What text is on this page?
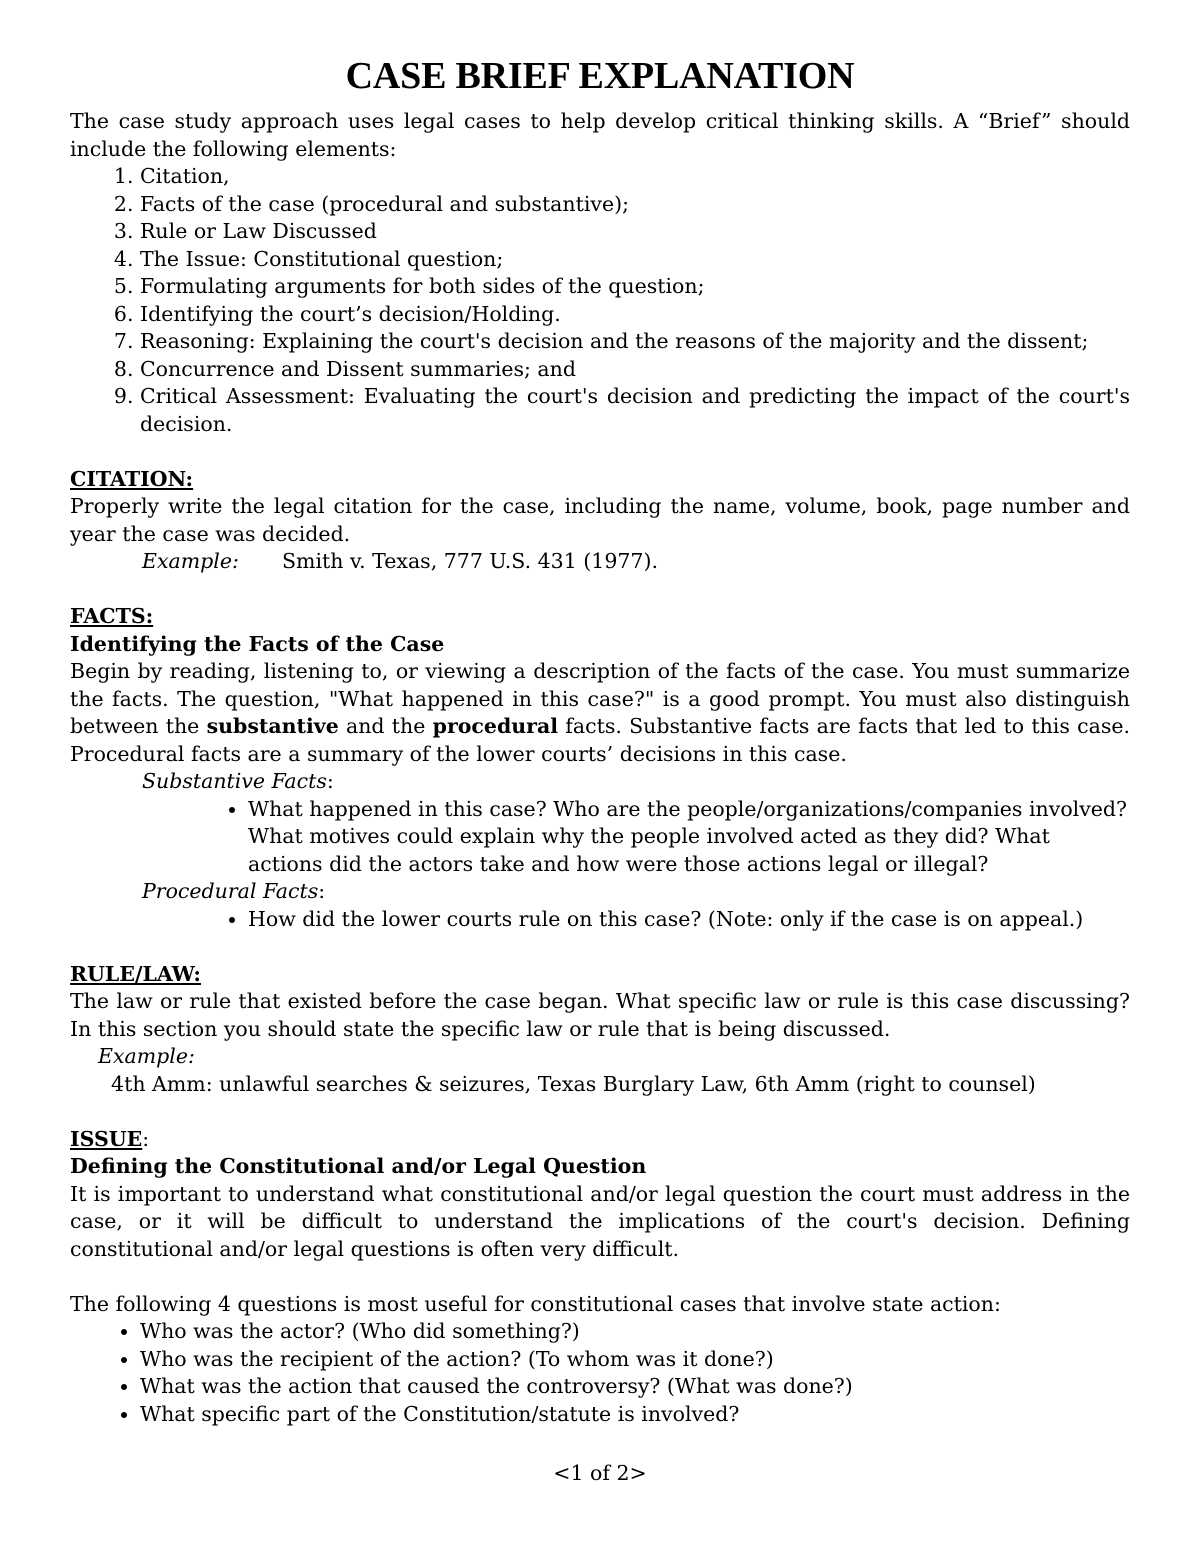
CASE BRIEF EXPLANATION

The case study approach uses legal cases to help develop critical thinking skills. A “Brief” should include the following elements:

1. Citation,
2. Facts of the case (procedural and substantive);
3. Rule or Law Discussed
4. The Issue: Constitutional question;
5. Formulating arguments for both sides of the question;
6. Identifying the court’s decision/Holding.
7. Reasoning: Explaining the court's decision and the reasons of the majority and the dissent;
8. Concurrence and Dissent summaries; and
9. Critical Assessment: Evaluating the court's decision and predicting the impact of the court's decision.

CITATION:

Properly write the legal citation for the case, including the name, volume, book, page number and year the case was decided.

Example:	Smith v. Texas, 777 U.S. 431 (1977).

FACTS:

Identifying the Facts of the Case

Begin by reading, listening to, or viewing a description of the facts of the case. You must summarize the facts. The question, "What happened in this case?" is a good prompt. You must also distinguish between the substantive and the procedural facts. Substantive facts are facts that led to this case. Procedural facts are a summary of the lower courts’ decisions in this case.

Substantive Facts:

• What happened in this case? Who are the people/organizations/companies involved? What motives could explain why the people involved acted as they did? What actions did the actors take and how were those actions legal or illegal?

Procedural Facts:

• How did the lower courts rule on this case? (Note: only if the case is on appeal.)

RULE/LAW:

The law or rule that existed before the case began. What specific law or rule is this case discussing? In this section you should state the specific law or rule that is being discussed.

Example:  4th Amm: unlawful searches & seizures, Texas Burglary Law, 6th Amm (right to counsel)

ISSUE:

Defining the Constitutional and/or Legal Question

It is important to understand what constitutional and/or legal question the court must address in the case, or it will be difficult to understand the implications of the court's decision. Defining constitutional and/or legal questions is often very difficult.

The following 4 questions is most useful for constitutional cases that involve state action:

• Who was the actor? (Who did something?)
• Who was the recipient of the action? (To whom was it done?)
• What was the action that caused the controversy? (What was done?)
• What specific part of the Constitution/statute is involved?
<1 of 2>
